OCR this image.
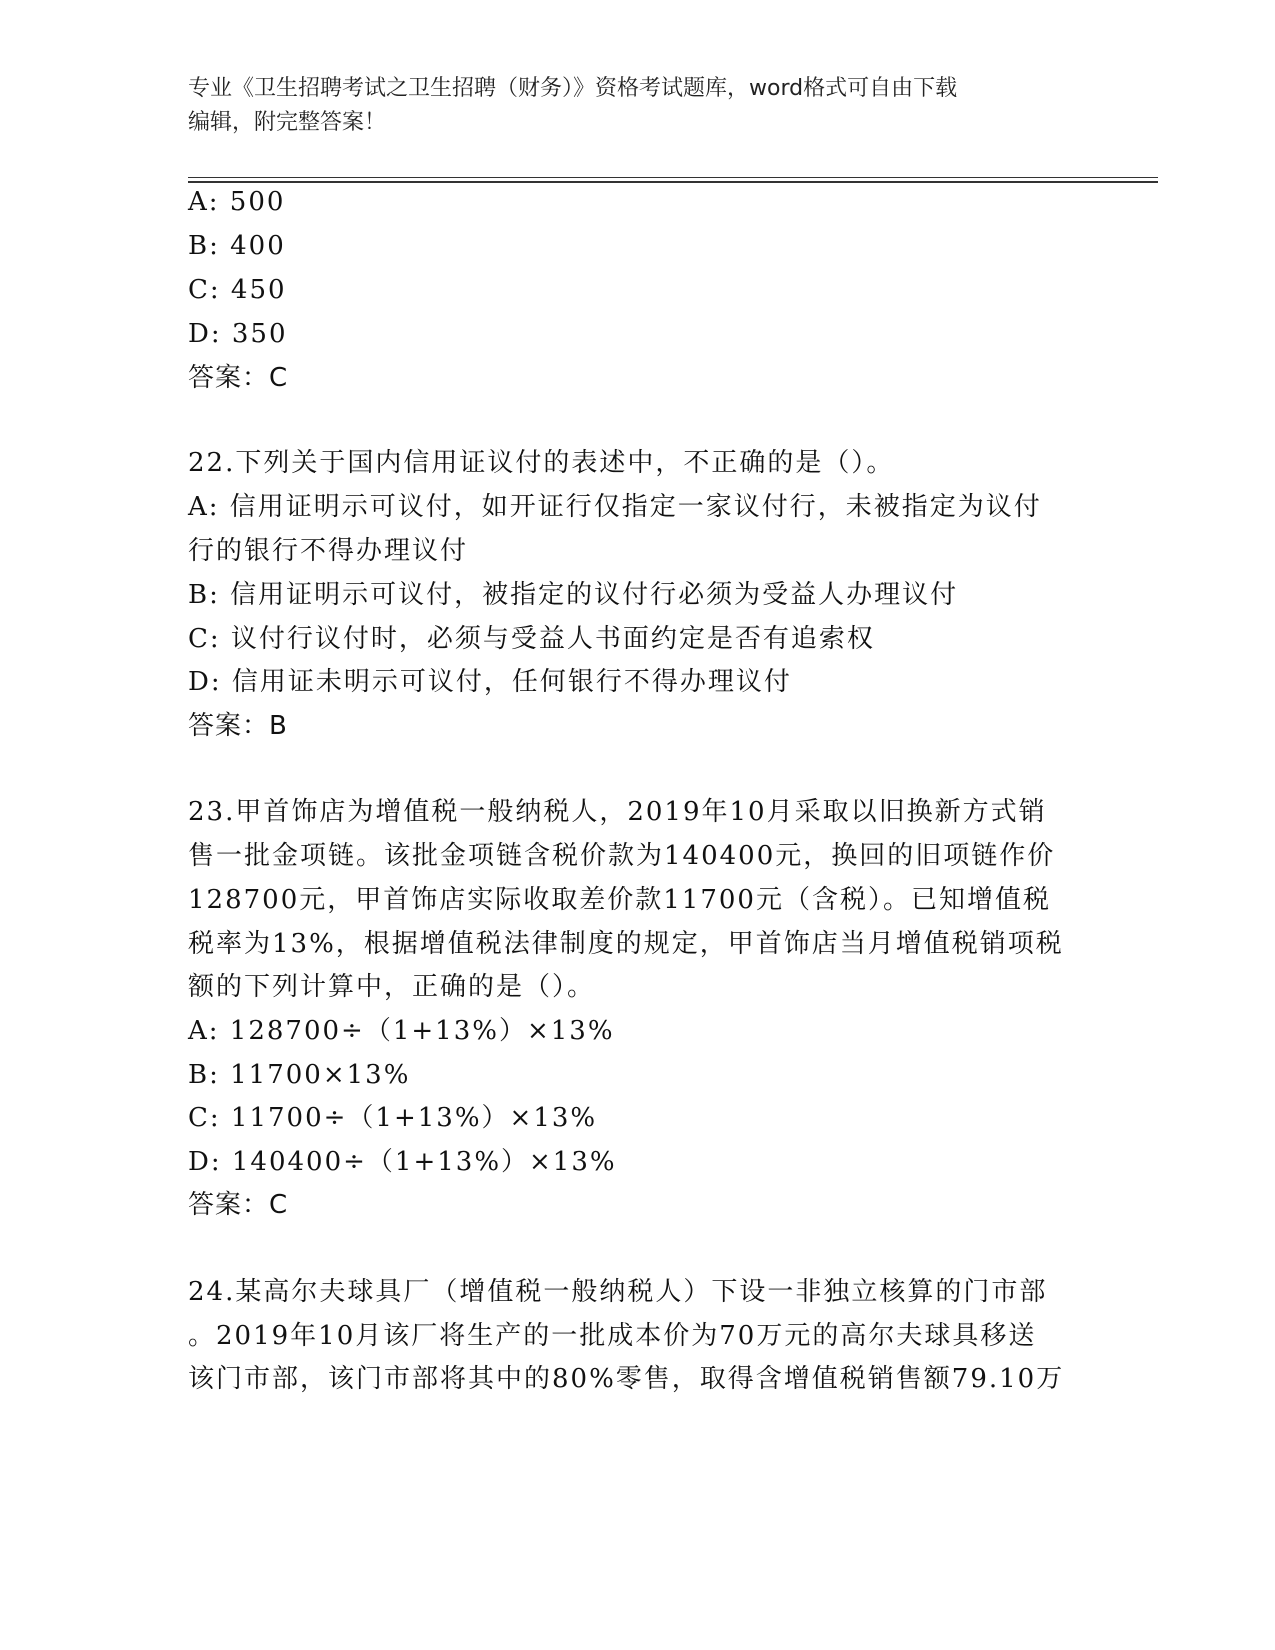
专业《卫生招聘考试之卫生招聘（财务）》资格考试题库，word格式可自由下载
编辑，附完整答案！
A: 500
B: 400
C: 450
D: 350
答案：C
22.下列关于国内信用证议付的表述中，不正确的是（）。
A: 信用证明示可议付，如开证行仅指定一家议付行，未被指定为议付
行的银行不得办理议付
B: 信用证明示可议付，被指定的议付行必须为受益人办理议付
C: 议付行议付时，必须与受益人书面约定是否有追索权
D: 信用证未明示可议付，任何银行不得办理议付
答案：B
23.甲首饰店为增值税一般纳税人，2019年10月采取以旧换新方式销
售一批金项链。该批金项链含税价款为140400元，换回的旧项链作价
128700元，甲首饰店实际收取差价款11700元（含税）。已知增值税
税率为13%，根据增值税法律制度的规定，甲首饰店当月增值税销项税
额的下列计算中，正确的是（）。
A: 128700÷（1+13%）×13%
B: 11700×13%
C: 11700÷（1+13%）×13%
D: 140400÷（1+13%）×13%
答案：C
24.某高尔夫球具厂（增值税一般纳税人）下设一非独立核算的门市部
。2019年10月该厂将生产的一批成本价为70万元的高尔夫球具移送
该门市部，该门市部将其中的80%零售，取得含增值税销售额79.10万
